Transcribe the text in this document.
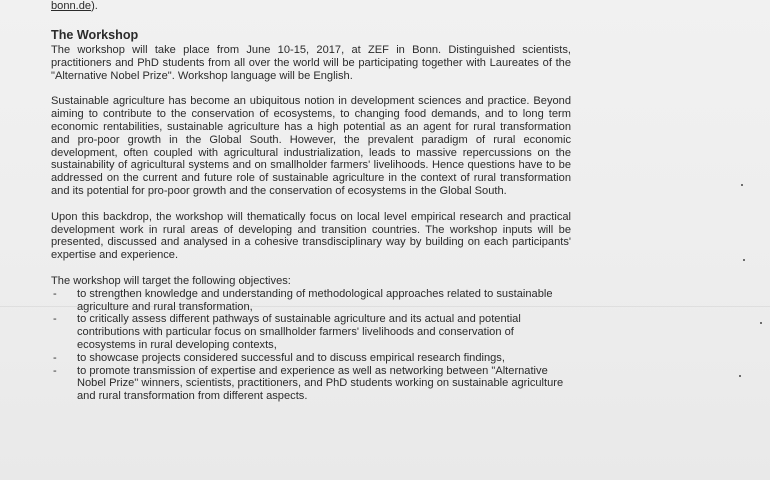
bonn.de).
The Workshop

The workshop will take place from June 10-15, 2017, at ZEF in Bonn. Distinguished scientists, practitioners and PhD students from all over the world will be participating together with Laureates of the "Alternative Nobel Prize". Workshop language will be English.

Sustainable agriculture has become an ubiquitous notion in development sciences and practice. Beyond aiming to contribute to the conservation of ecosystems, to changing food demands, and to long term economic rentabilities, sustainable agriculture has a high potential as an agent for rural transformation and pro-poor growth in the Global South. However, the prevalent paradigm of rural economic development, often coupled with agricultural industrialization, leads to massive repercussions on the sustainability of agricultural systems and on smallholder farmers' livelihoods. Hence questions have to be addressed on the current and future role of sustainable agriculture in the context of rural transformation and its potential for pro-poor growth and the conservation of ecosystems in the Global South.

Upon this backdrop, the workshop will thematically focus on local level empirical research and practical development work in rural areas of developing and transition countries. The workshop inputs will be presented, discussed and analysed in a cohesive transdisciplinary way by building on each participants' expertise and experience.

The workshop will target the following objectives:

- to strengthen knowledge and understanding of methodological approaches related to sustainable agriculture and rural transformation,
- to critically assess different pathways of sustainable agriculture and its actual and potential contributions with particular focus on smallholder farmers' livelihoods and conservation of ecosystems in rural developing contexts,
- to showcase projects considered successful and to discuss empirical research findings,
- to promote transmission of expertise and experience as well as networking between "Alternative Nobel Prize" winners, scientists, practitioners, and PhD students working on sustainable agriculture and rural transformation from different aspects.
